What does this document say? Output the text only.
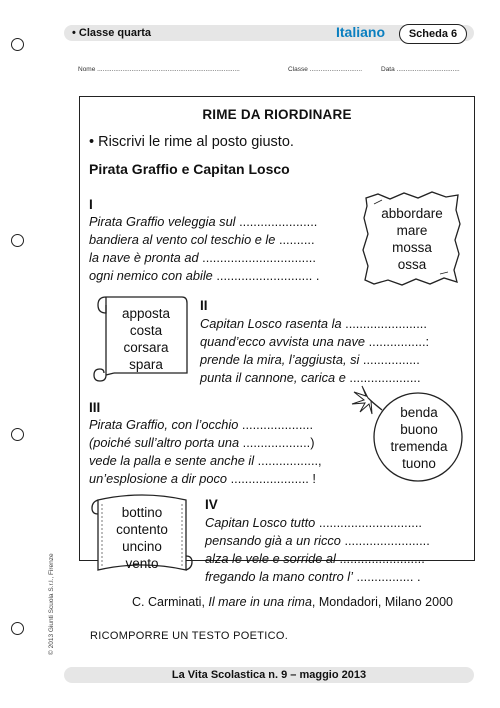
• Classe quarta	Italiano	Scheda 6
Nome ...............................................................................	Classe .............................	Data ...................................
RIME DA RIORDINARE
• Riscrivi le rime al posto giusto.
Pirata Graffio e Capitan Losco
I
Pirata Graffio veleggia sul ......................
bandiera al vento col teschio e le ..........
la nave è pronta ad ................................
ogni nemico con abile ........................... .
abbordare
mare
mossa
ossa
apposta
costa
corsara
spara
II
Capitan Losco rasenta la .......................
quand’ecco avvista una nave ................:
prende la mira, l’aggiusta, si ................
punta il cannone, carica e ....................
III
Pirata Graffio, con l’occhio ....................
(poiché sull’altro porta una ...................)
vede la palla e sente anche il .................,
un’esplosione a dir poco ...................... !
benda
buono
tremenda
tuono
bottino
contento
uncino
vento
IV
Capitan Losco tutto .............................
pensando già a un ricco ........................
alza le vele e sorride al ........................
fregando la mano contro l’ ................ .
C. Carminati, Il mare in una rima, Mondadori, Milano 2000
RICOMPORRE UN TESTO POETICO.
© 2013 Giunti Scuola S.r.l., Firenze
La Vita Scolastica n. 9 – maggio 2013
